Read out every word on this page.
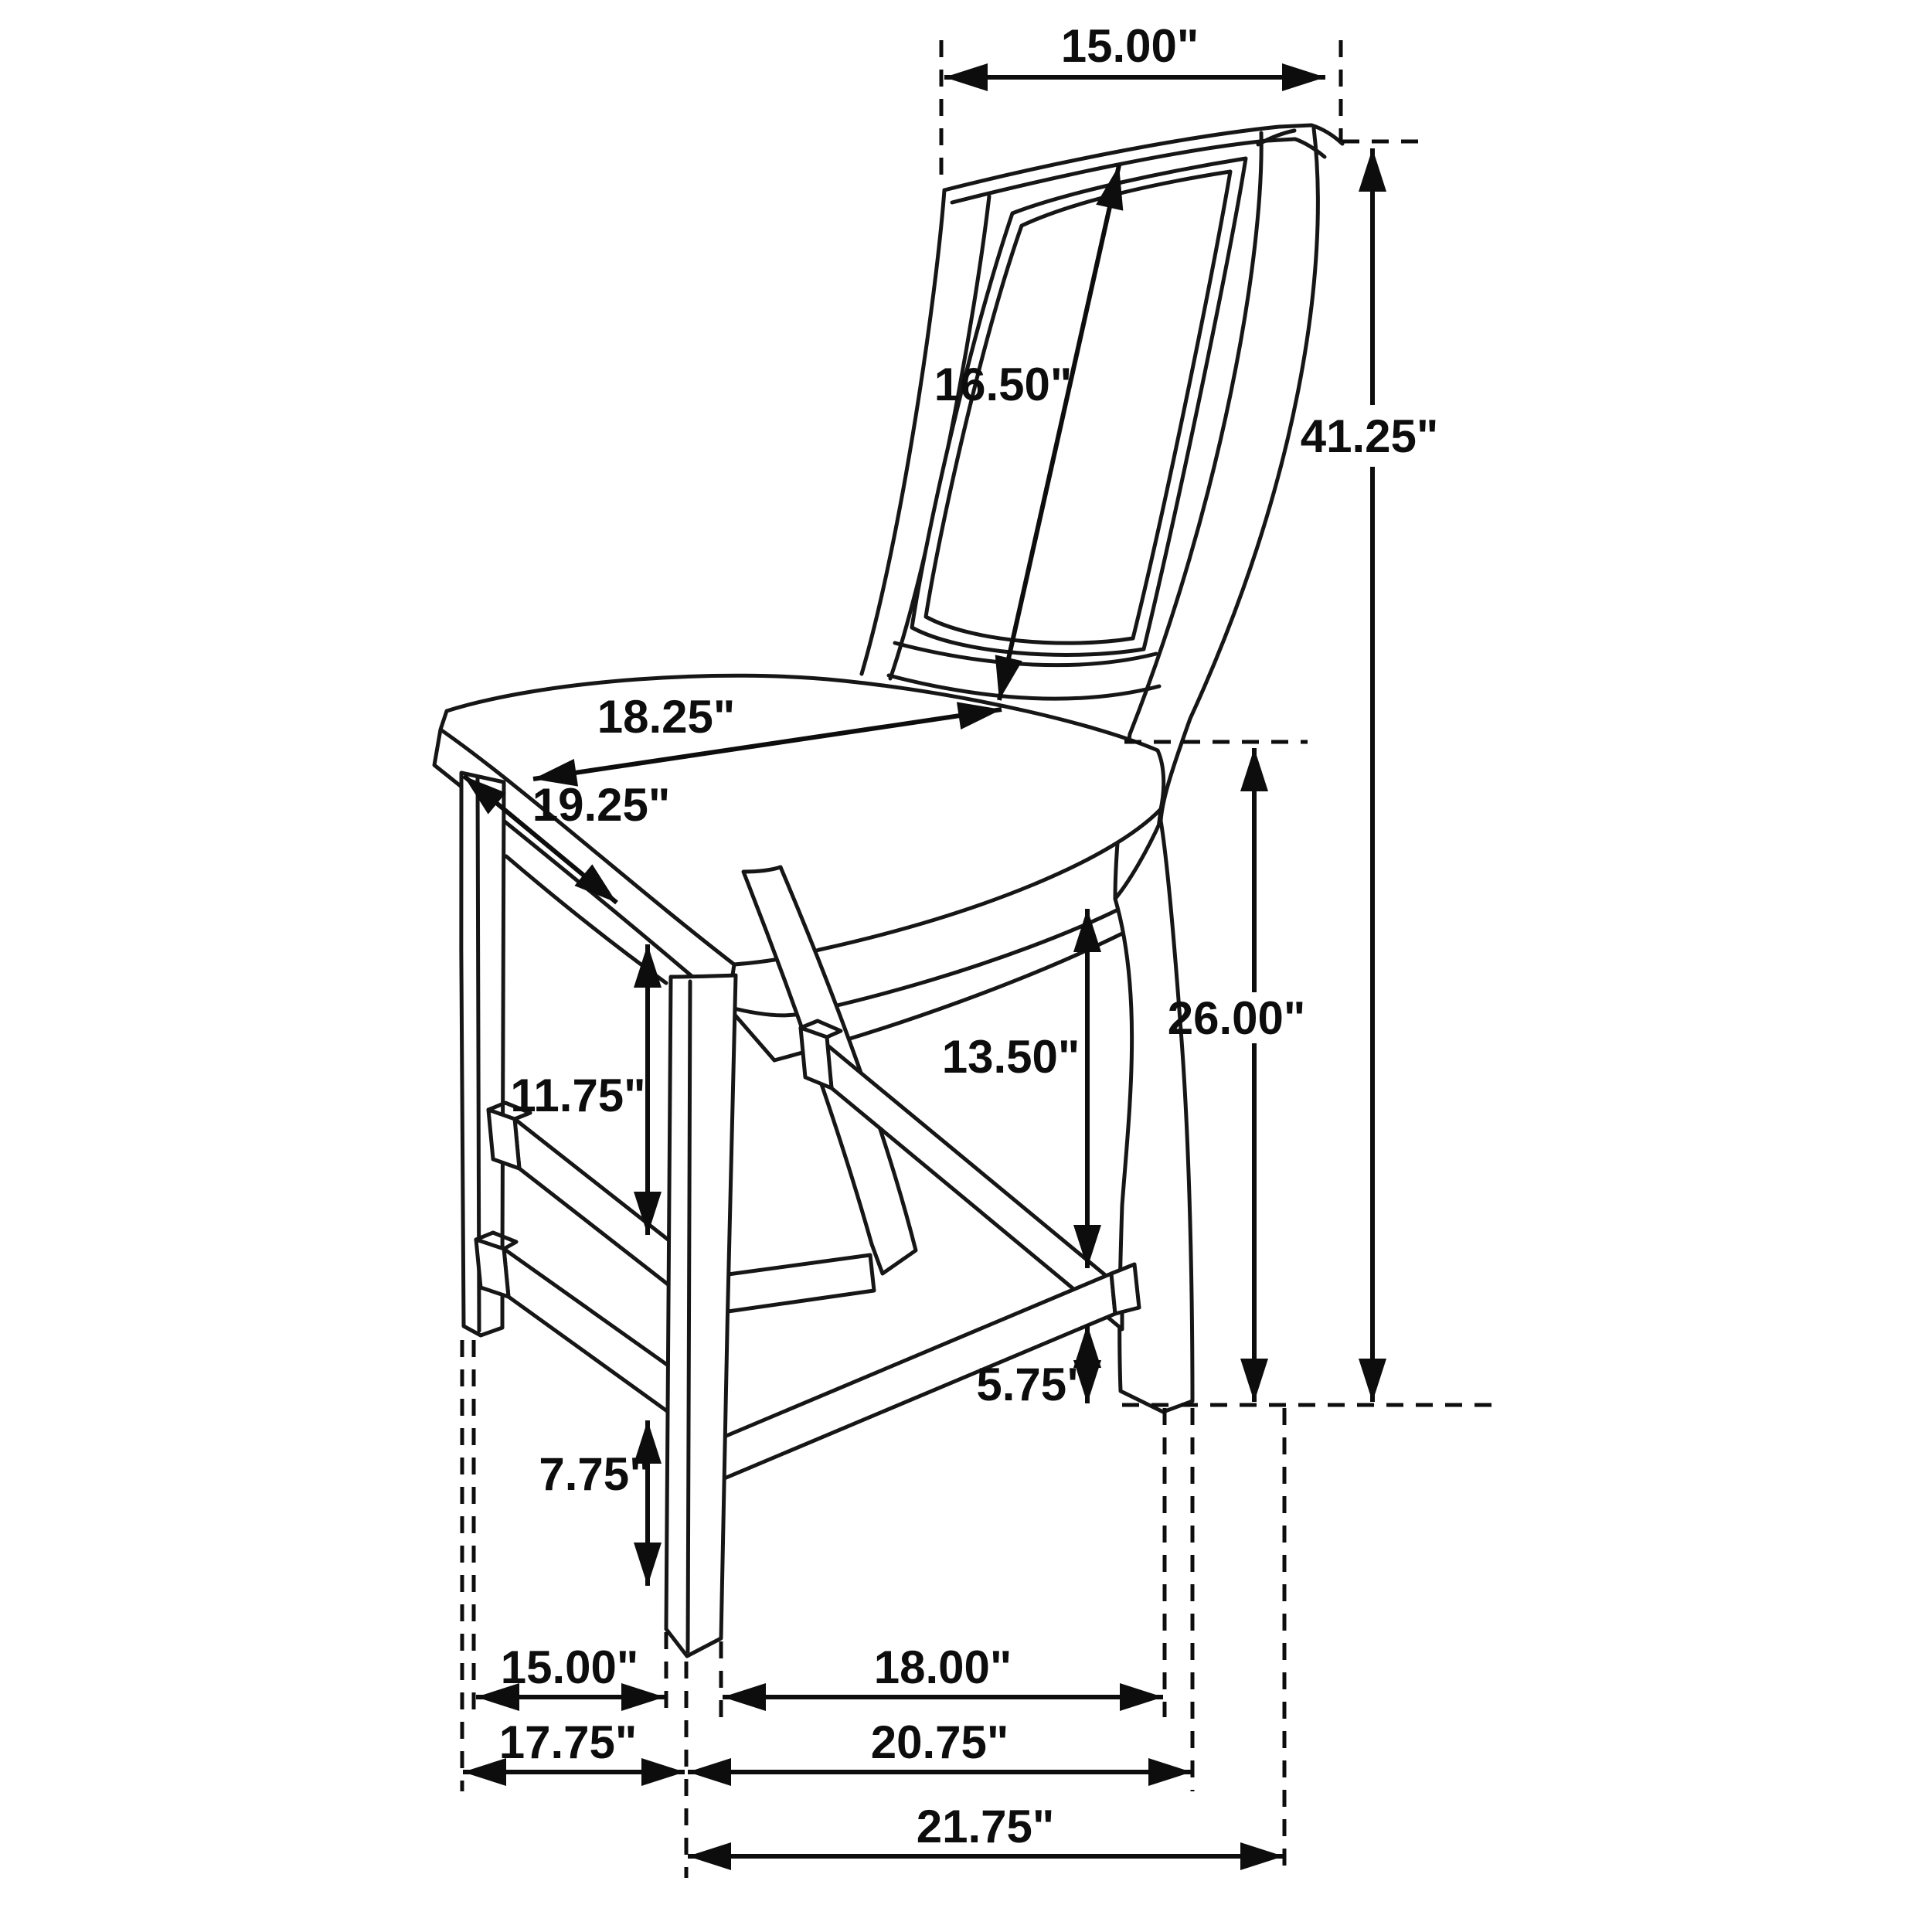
15.00"
16.50"
41.25"
18.25"
19.25"
26.00"
11.75"
13.50"
5.75"
7.75"
15.00"	18.00"
17.75"	20.75"
21.75"
